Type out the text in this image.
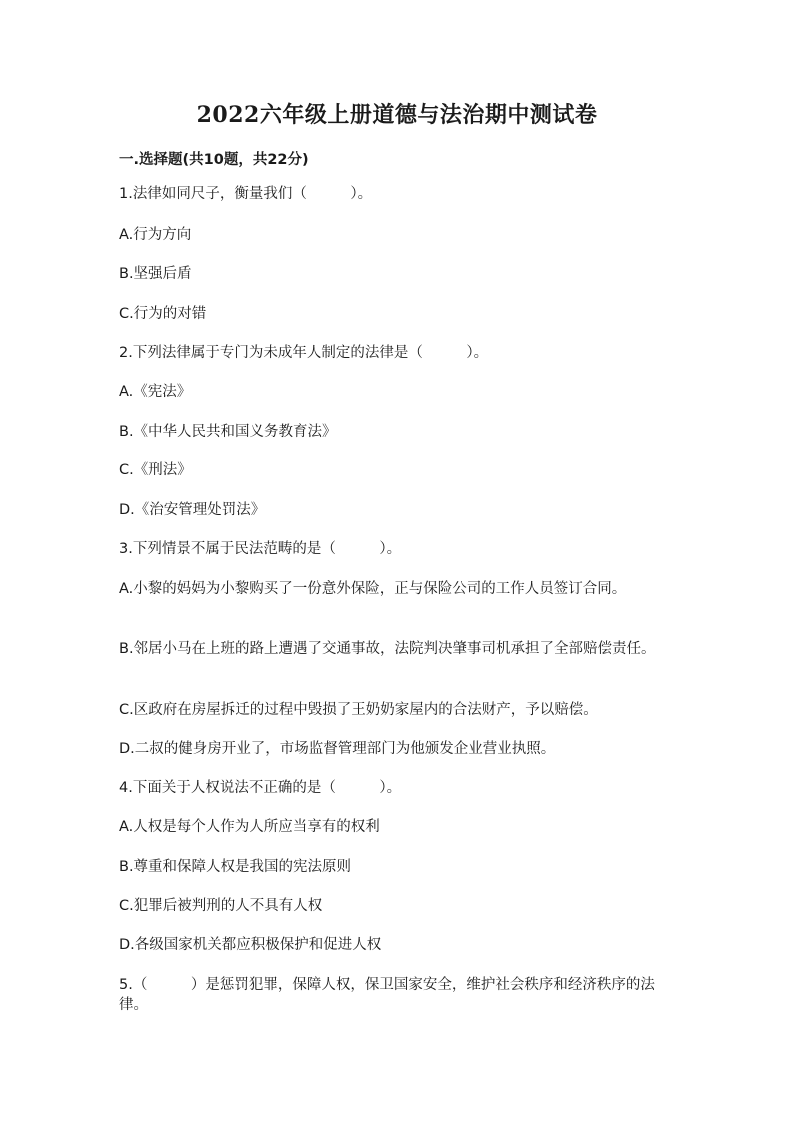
2022六年级上册道德与法治期中测试卷
一.选择题(共10题，共22分)

1.法律如同尺子，衡量我们（　　　）。

A.行为方向

B.坚强后盾

C.行为的对错

2.下列法律属于专门为未成年人制定的法律是（　　　）。

A.《宪法》

B.《中华人民共和国义务教育法》

C.《刑法》

D.《治安管理处罚法》

3.下列情景不属于民法范畴的是（　　　）。

A.小黎的妈妈为小黎购买了一份意外保险，正与保险公司的工作人员签订合同。

B.邻居小马在上班的路上遭遇了交通事故，法院判决肇事司机承担了全部赔偿责任。

C.区政府在房屋拆迁的过程中毁损了王奶奶家屋内的合法财产，予以赔偿。

D.二叔的健身房开业了，市场监督管理部门为他颁发企业营业执照。

4.下面关于人权说法不正确的是（　　　）。

A.人权是每个人作为人所应当享有的权利

B.尊重和保障人权是我国的宪法原则

C.犯罪后被判刑的人不具有人权

D.各级国家机关都应积极保护和促进人权

5.（　　　）是惩罚犯罪，保障人权，保卫国家安全，维护社会秩序和经济秩序的法律。
